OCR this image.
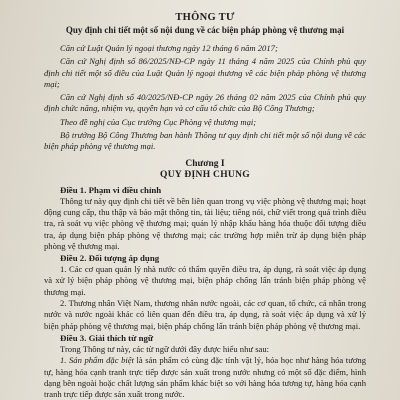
THÔNG TƯ
Quy định chi tiết một số nội dung về các biện pháp phòng vệ thương mại

Căn cứ Luật Quản lý ngoại thương ngày 12 tháng 6 năm 2017;

Căn cứ Nghị định số 86/2025/NĐ-CP ngày 11 tháng 4 năm 2025 của Chính phủ quy định chi tiết một số điều của Luật Quản lý ngoại thương về các biện pháp phòng vệ thương mại;

Căn cứ Nghị định số 40/2025/NĐ-CP ngày 26 tháng 02 năm 2025 của Chính phủ quy định chức năng, nhiệm vụ, quyền hạn và cơ cấu tổ chức của Bộ Công Thương;

Theo đề nghị của Cục trưởng Cục Phòng vệ thương mại;

Bộ trưởng Bộ Công Thương ban hành Thông tư quy định chi tiết một số nội dung về các biện pháp phòng vệ thương mại.

Chương I
QUY ĐỊNH CHUNG

Điều 1. Phạm vi điều chỉnh

Thông tư này quy định chi tiết về bên liên quan trong vụ việc phòng vệ thương mại; hoạt động cung cấp, thu thập và bảo mật thông tin, tài liệu; tiếng nói, chữ viết trong quá trình điều tra, rà soát vụ việc phòng vệ thương mại; quản lý nhập khẩu hàng hóa thuộc đối tượng điều tra, áp dụng biện pháp phòng vệ thương mại; các trường hợp miễn trừ áp dụng biện pháp phòng vệ thương mại.

Điều 2. Đối tượng áp dụng

1. Các cơ quan quản lý nhà nước có thẩm quyền điều tra, áp dụng, rà soát việc áp dụng và xử lý biện pháp phòng vệ thương mại, biện pháp chống lẩn tránh biện pháp phòng vệ thương mại.

2. Thương nhân Việt Nam, thương nhân nước ngoài, các cơ quan, tổ chức, cá nhân trong nước và nước ngoài khác có liên quan đến điều tra, áp dụng, rà soát việc áp dụng và xử lý biện pháp phòng vệ thương mại, biện pháp chống lẩn tránh biện pháp phòng vệ thương mại.

Điều 3. Giải thích từ ngữ

Trong Thông tư này, các từ ngữ dưới đây được hiểu như sau:

1. Sản phẩm đặc biệt là sản phẩm có cùng đặc tính vật lý, hóa học như hàng hóa tương tự, hàng hóa cạnh tranh trực tiếp được sản xuất trong nước nhưng có một số đặc điểm, hình dạng bên ngoài hoặc chất lượng sản phẩm khác biệt so với hàng hóa tương tự, hàng hóa cạnh tranh trực tiếp được sản xuất trong nước.
